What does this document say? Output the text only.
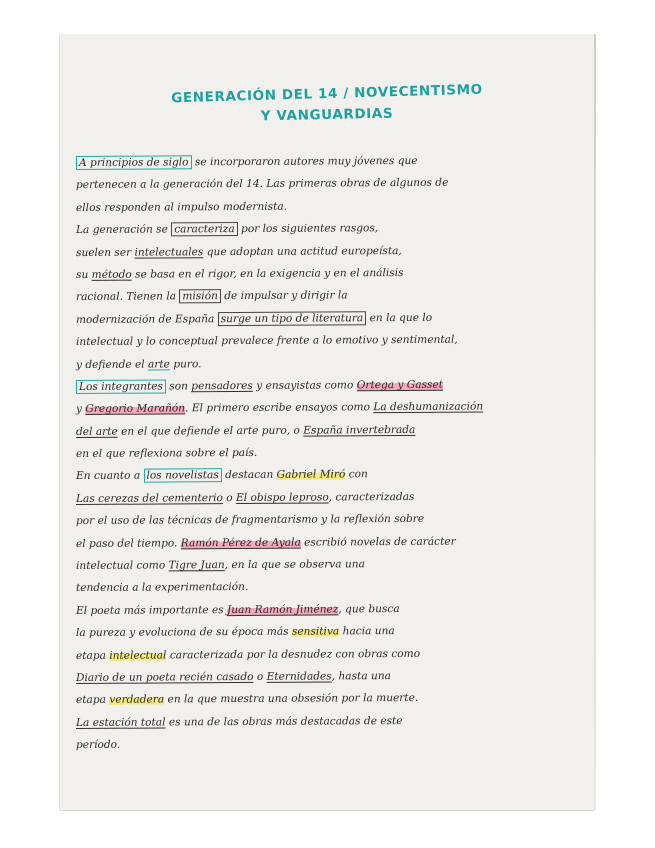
GENERACIÓN DEL 14 / NOVECENTISMO
Y VANGUARDIAS
A principios de siglo se incorporaron autores muy jóvenes que
pertenecen a la generación del 14. Las primeras obras de algunos de
ellos responden al impulso modernista.
La generación se caracteriza por los siguientes rasgos,
suelen ser intelectuales que adoptan una actitud europeísta,
su método se basa en el rigor, en la exigencia y en el análisis
racional. Tienen la misión de impulsar y dirigir la
modernización de España surge un tipo de literatura en la que lo
intelectual y lo conceptual prevalece frente a lo emotivo y sentimental,
y defiende el arte puro.
Los integrantes son pensadores y ensayistas como Ortega y Gasset
y Gregorio Marañón. El primero escribe ensayos como La deshumanización
del arte en el que defiende el arte puro, o España invertebrada
en el que reflexiona sobre el país.
En cuanto a los novelistas destacan Gabriel Miró con
Las cerezas del cementerio o El obispo leproso, caracterizadas
por el uso de las técnicas de fragmentarismo y la reflexión sobre
el paso del tiempo. Ramón Pérez de Ayala escribió novelas de carácter
intelectual como Tigre Juan, en la que se observa una
tendencia a la experimentación.
El poeta más importante es Juan Ramón Jiménez, que busca
la pureza y evoluciona de su época más sensitiva hacia una
etapa intelectual caracterizada por la desnudez con obras como
Diario de un poeta recién casado o Eternidades, hasta una
etapa verdadera en la que muestra una obsesión por la muerte.
La estación total es una de las obras más destacadas de este
período.
